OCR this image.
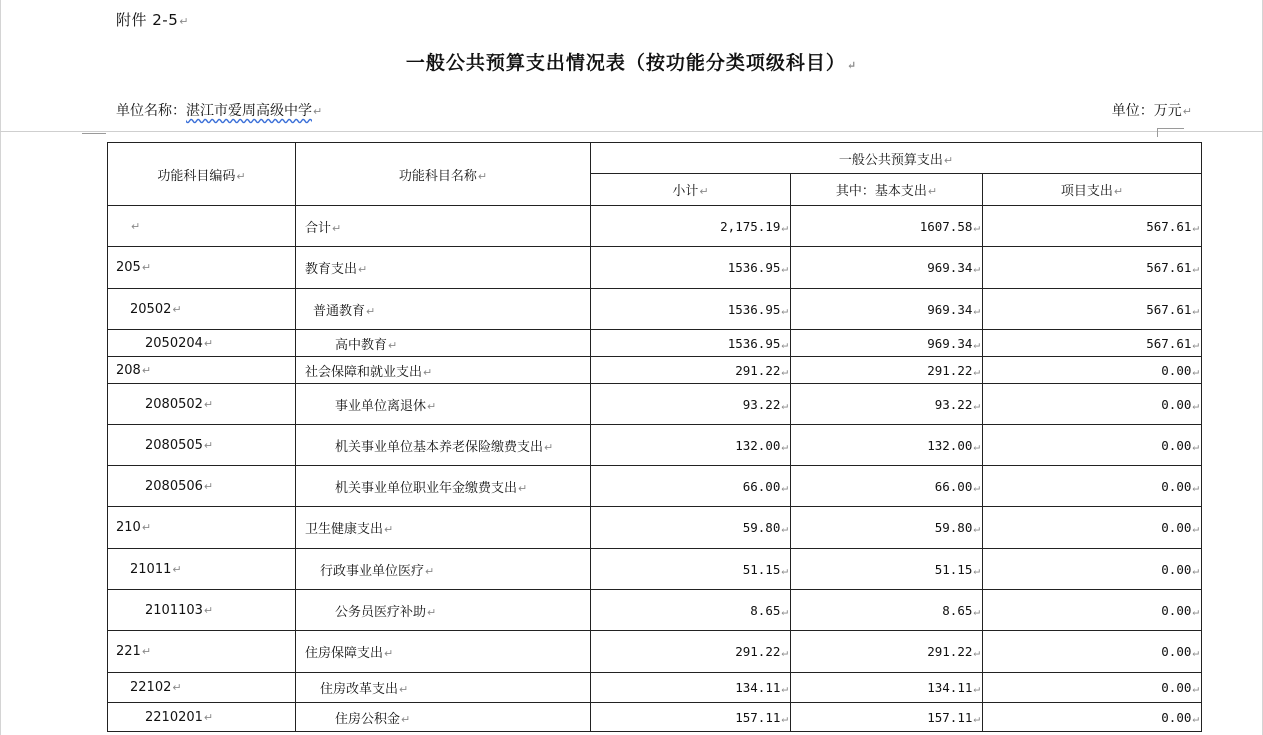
附件 2-5↵
一般公共预算支出情况表（按功能分类项级科目）↵
单位名称：湛江市爱周高级中学↵	单位：万元↵
功能科目编码↵	功能科目名称↵	一般公共预算支出↵		
		小计↵	其中：基本支出↵	项目支出↵
↵	合计↵	2,175.19↵	1607.58↵	567.61↵
205↵	教育支出↵	1536.95↵	969.34↵	567.61↵
20502↵	普通教育↵	1536.95↵	969.34↵	567.61↵
2050204↵	高中教育↵	1536.95↵	969.34↵	567.61↵
208↵	社会保障和就业支出↵	291.22↵	291.22↵	0.00↵
2080502↵	事业单位离退休↵	93.22↵	93.22↵	0.00↵
2080505↵	机关事业单位基本养老保险缴费支出↵	132.00↵	132.00↵	0.00↵
2080506↵	机关事业单位职业年金缴费支出↵	66.00↵	66.00↵	0.00↵
210↵	卫生健康支出↵	59.80↵	59.80↵	0.00↵
21011↵	行政事业单位医疗↵	51.15↵	51.15↵	0.00↵
2101103↵	公务员医疗补助↵	8.65↵	8.65↵	0.00↵
221↵	住房保障支出↵	291.22↵	291.22↵	0.00↵
22102↵	住房改革支出↵	134.11↵	134.11↵	0.00↵
2210201↵	住房公积金↵	157.11↵	157.11↵	0.00↵
